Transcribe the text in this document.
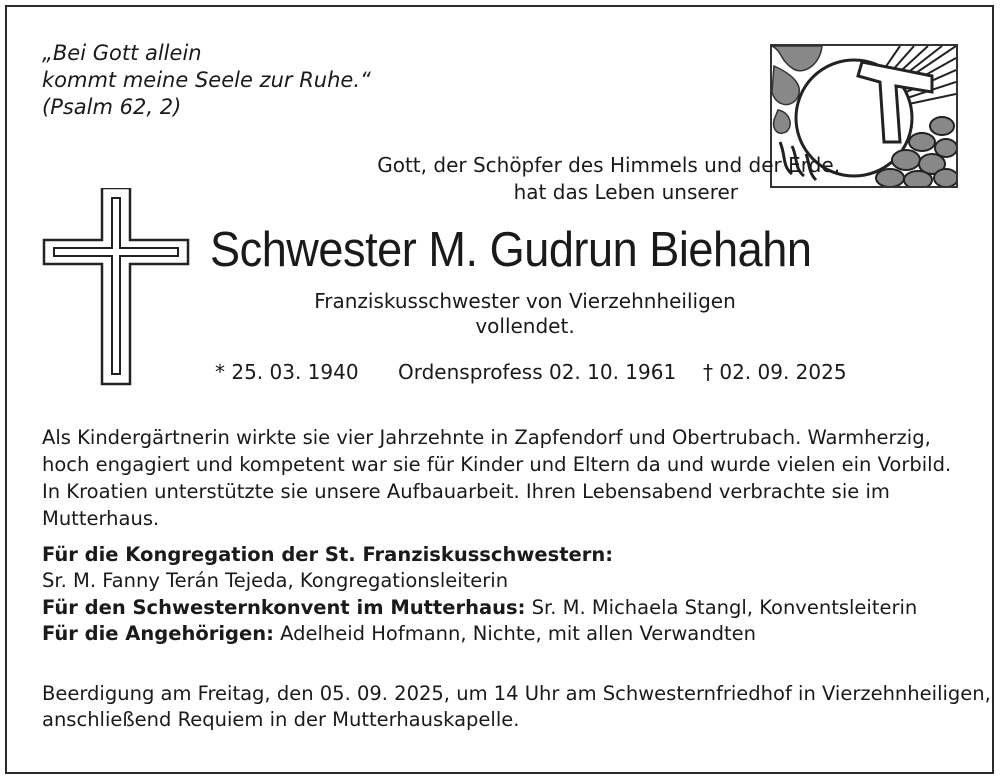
„Bei Gott allein
kommt meine Seele zur Ruhe.“
(Psalm 62, 2)
Gott, der Schöpfer des Himmels und der Erde,
hat das Leben unserer
Schwester M. Gudrun Biehahn
Franziskusschwester von Vierzehnheiligen
vollendet.
* 25. 03. 1940 Ordensprofess 02. 10. 1961 † 02. 09. 2025
Als Kindergärtnerin wirkte sie vier Jahrzehnte in Zapfendorf und Obertrubach. Warmherzig, hoch engagiert und kompetent war sie für Kinder und Eltern da und wurde vielen ein Vorbild. In Kroatien unterstützte sie unsere Aufbauarbeit. Ihren Lebensabend verbrachte sie im Mutterhaus.
Für die Kongregation der St. Franziskusschwestern:
Sr. M. Fanny Terán Tejeda, Kongregationsleiterin
Für den Schwesternkonvent im Mutterhaus: Sr. M. Michaela Stangl, Konventsleiterin
Für die Angehörigen: Adelheid Hofmann, Nichte, mit allen Verwandten
Beerdigung am Freitag, den 05. 09. 2025, um 14 Uhr am Schwesternfriedhof in Vierzehnheiligen,
anschließend Requiem in der Mutterhauskapelle.
